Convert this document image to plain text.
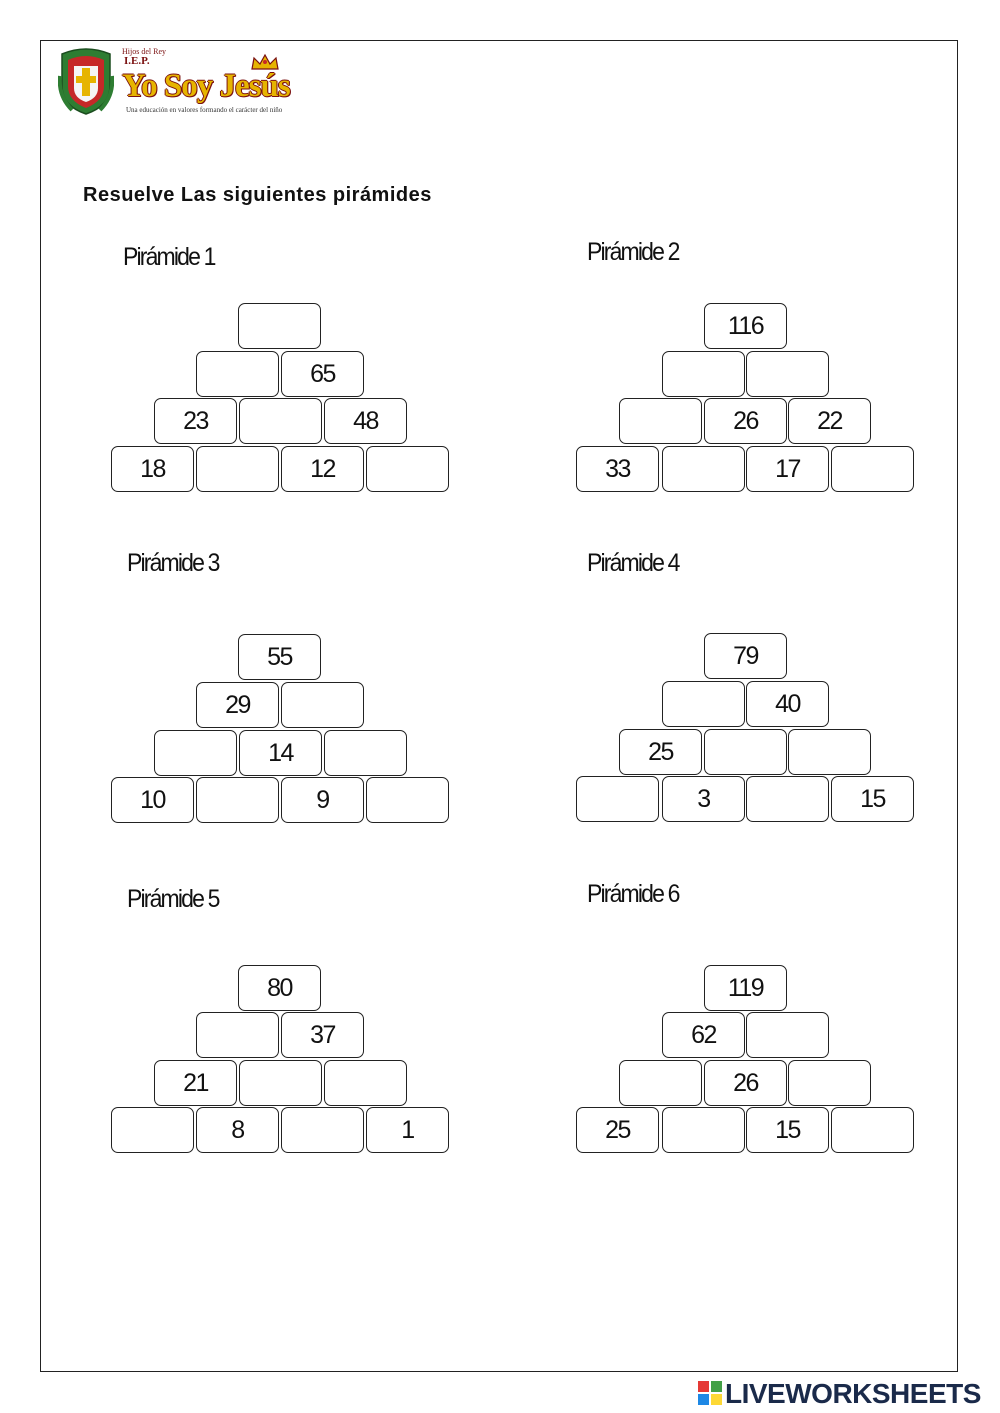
Hijos del Rey
I.E.P.
Yo Soy Jesús
Una educación en valores formando el carácter del niño
Resuelve Las siguientes pirámides
Pirámide 1	Pirámide 2
Pirámide 3	Pirámide 4
Pirámide 5	Pirámide 6
65
23	48
18	12
116
26	22
33	17
55
29
14
10	9
79
40
25
3	15
80
37
21
8	1
119
62
26
25	15
LIVEWORKSHEETS
